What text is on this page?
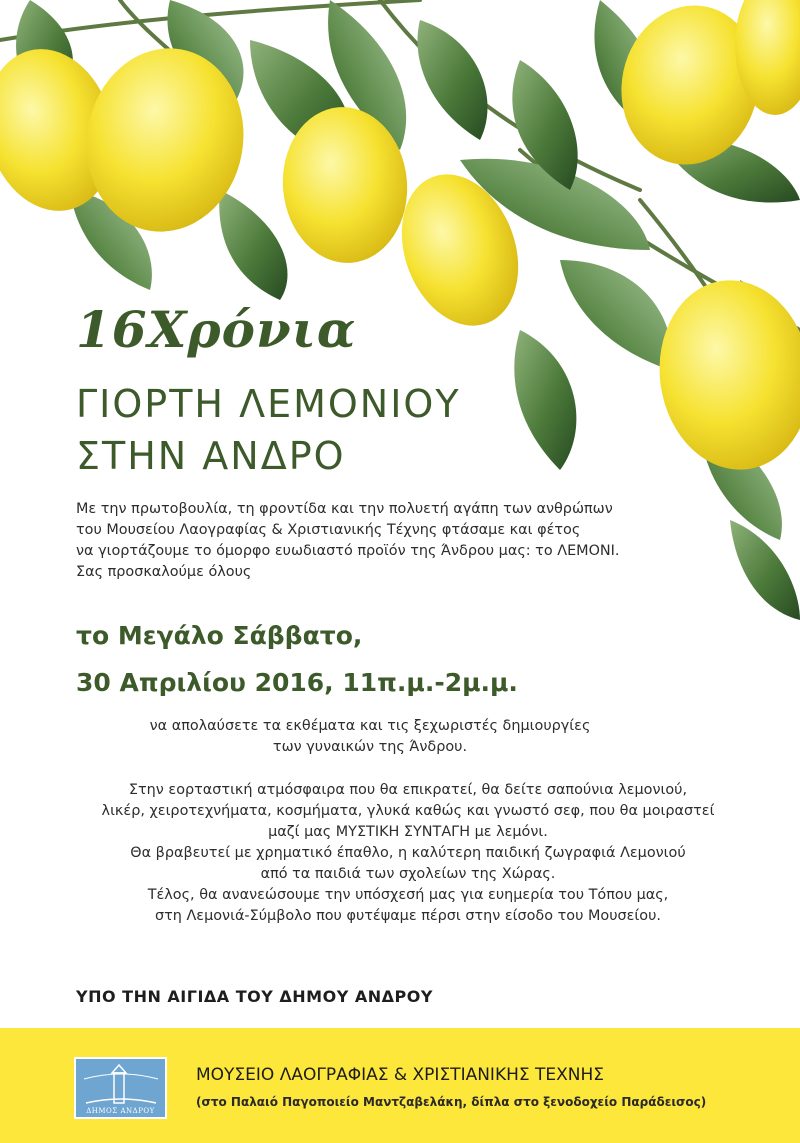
16Χρόνια
ΓΙΟΡΤΗ ΛΕΜΟΝΙΟΥ
ΣΤΗΝ ΑΝΔΡΟ
Με την πρωτοβουλία, τη φροντίδα και την πολυετή αγάπη των ανθρώπων
του Μουσείου Λαογραφίας & Χριστιανικής Τέχνης φτάσαμε και φέτος
να γιορτάζουμε το όμορφο ευωδιαστό προϊόν της Άνδρου μας: το ΛΕΜΟΝΙ.
Σας προσκαλούμε όλους
το Μεγάλο Σάββατο,
30 Απριλίου 2016, 11π.μ.-2μ.μ.
να απολαύσετε τα εκθέματα και τις ξεχωριστές δημιουργίες
των γυναικών της Άνδρου.
Στην εορταστική ατμόσφαιρα που θα επικρατεί, θα δείτε σαπούνια λεμονιού,
λικέρ, χειροτεχνήματα, κοσμήματα, γλυκά καθώς και γνωστό σεφ, που θα μοιραστεί
μαζί μας ΜΥΣΤΙΚΗ ΣΥΝΤΑΓΗ με λεμόνι.
Θα βραβευτεί με χρηματικό έπαθλο, η καλύτερη παιδική ζωγραφιά Λεμονιού
από τα παιδιά των σχολείων της Χώρας.
Τέλος, θα ανανεώσουμε την υπόσχεσή μας για ευημερία του Τόπου μας,
στη Λεμονιά-Σύμβολο που φυτέψαμε πέρσι στην είσοδο του Μουσείου.
ΥΠΟ ΤΗΝ ΑΙΓΙΔΑ ΤΟΥ ΔΗΜΟΥ ΑΝΔΡΟΥ
ΔΗΜΟΣ ΑΝΔΡΟΥ
ΜΟΥΣΕΙΟ ΛΑΟΓΡΑΦΙΑΣ & ΧΡΙΣΤΙΑΝΙΚΗΣ ΤΕΧΝΗΣ
(στο Παλαιό Παγοποιείο Μαντζαβελάκη, δίπλα στο ξενοδοχείο Παράδεισος)
